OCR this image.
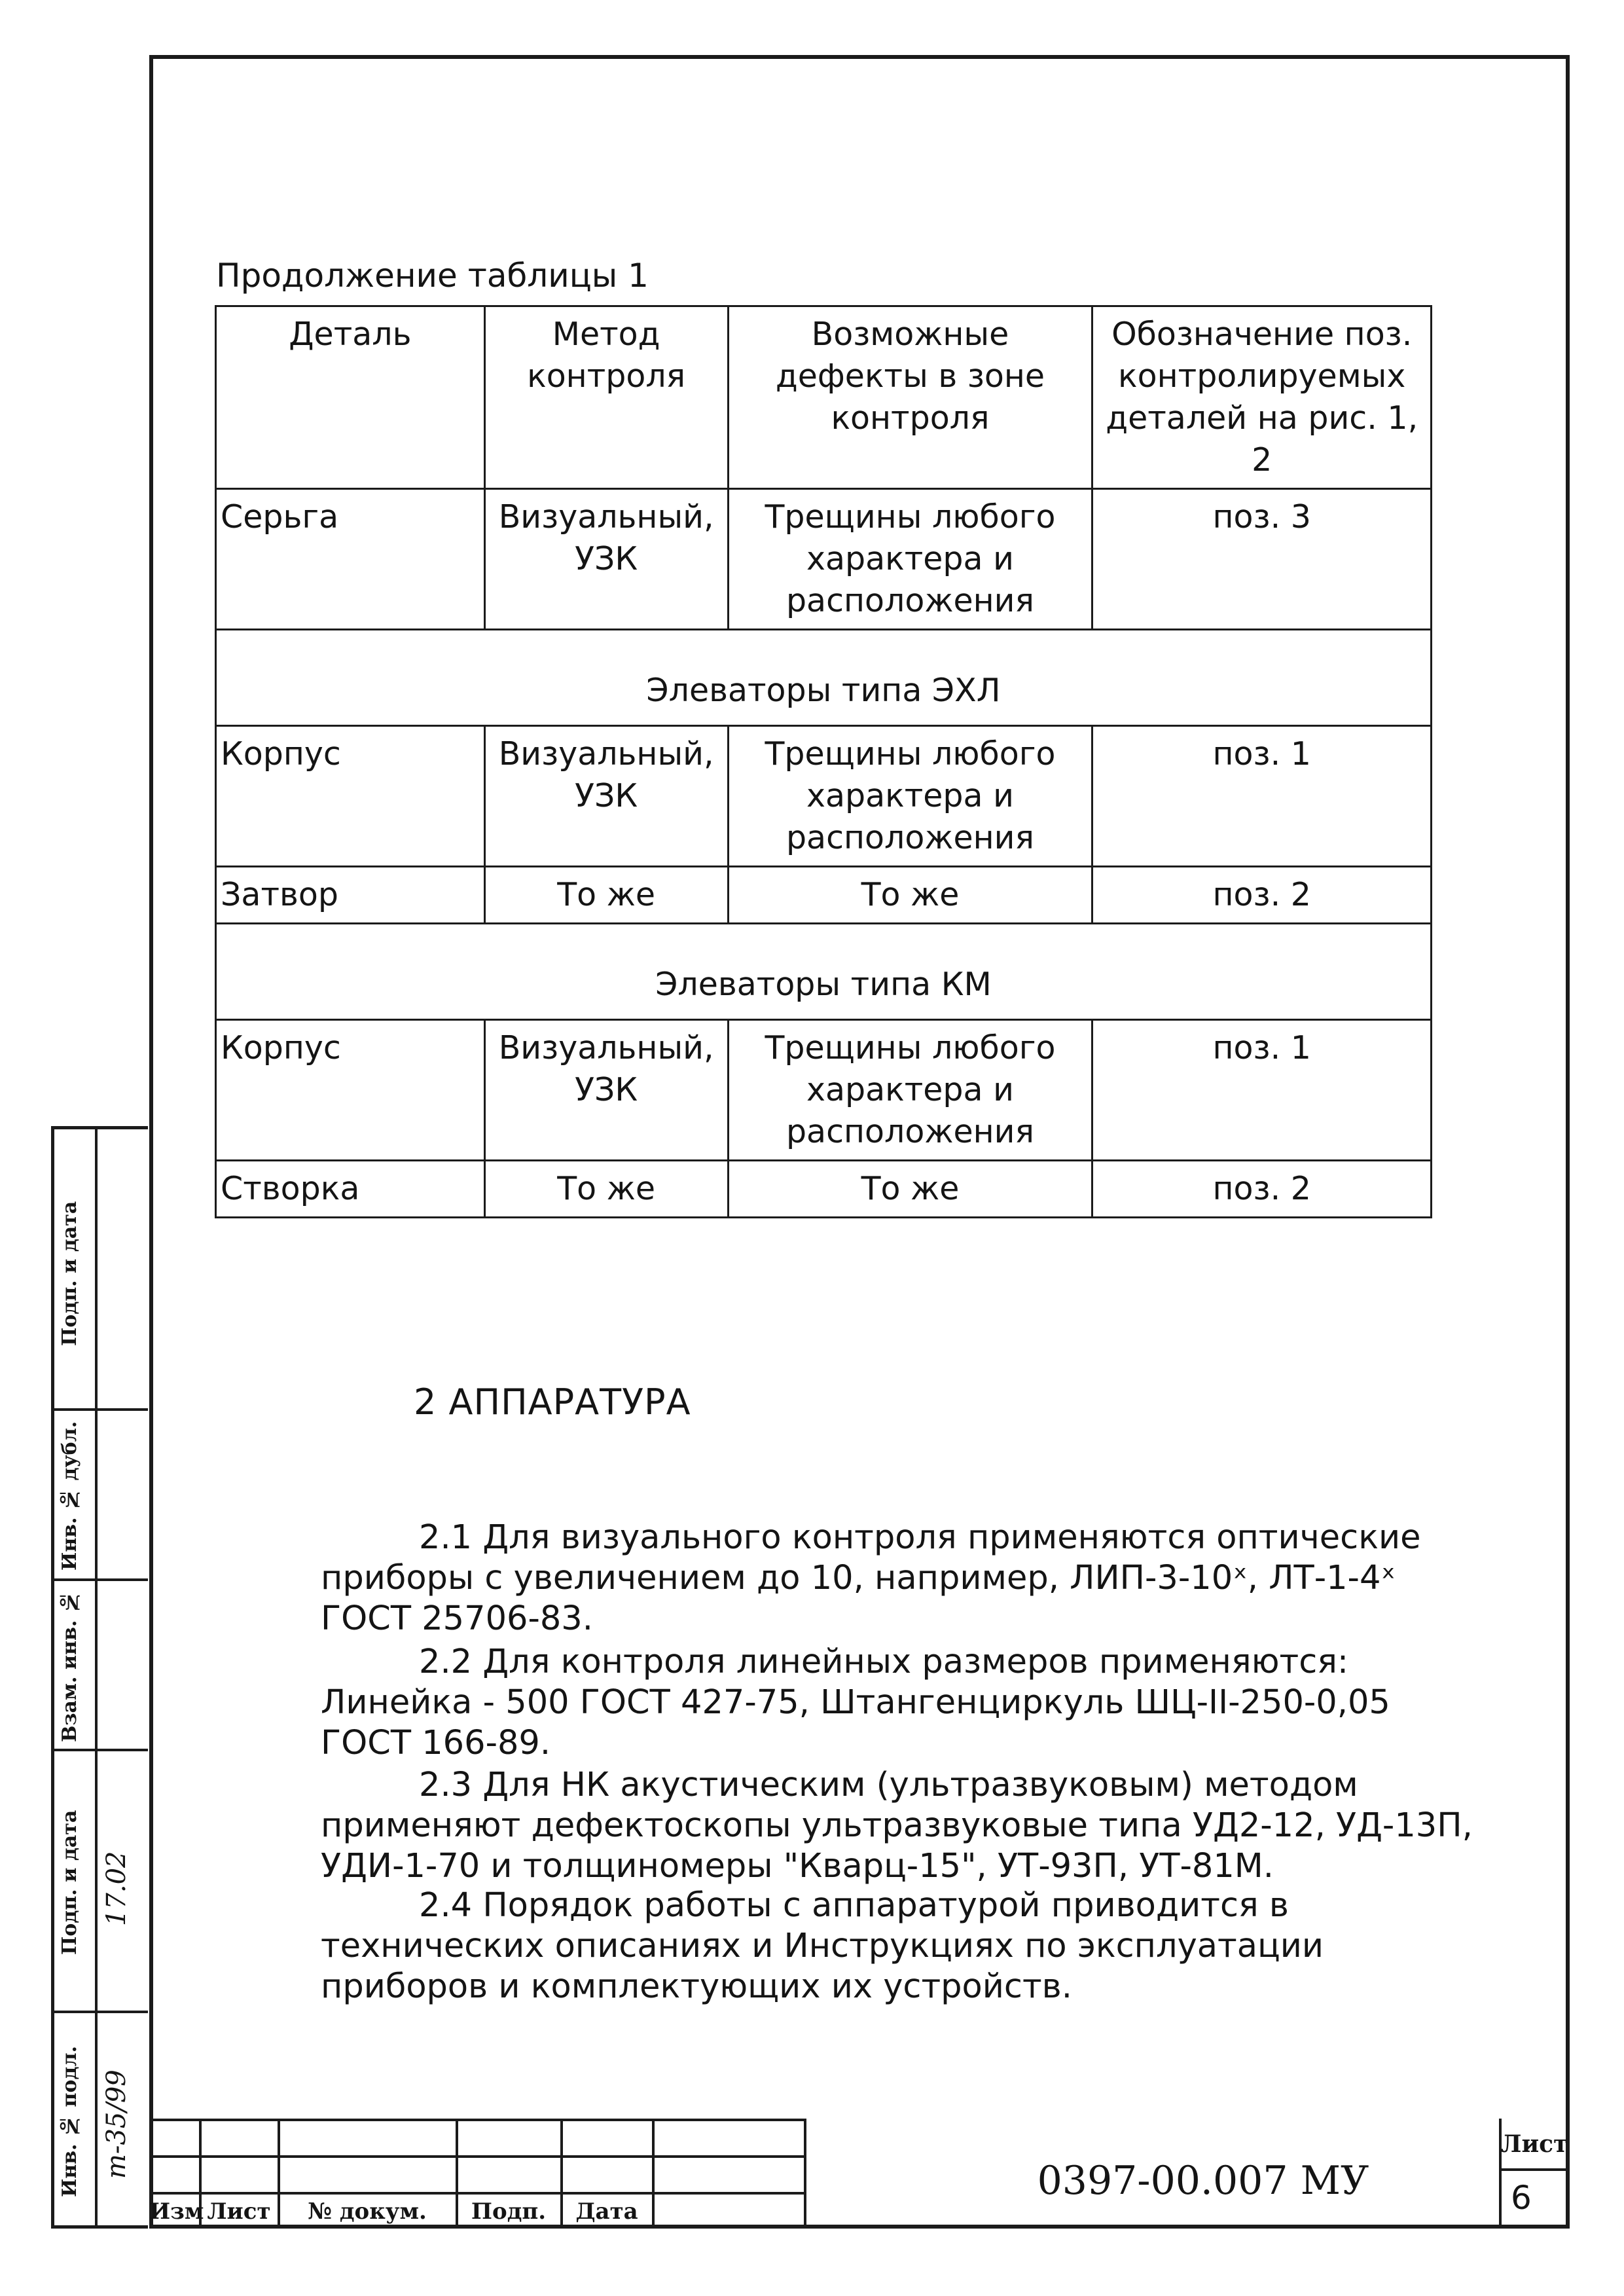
Продолжение таблицы 1
Деталь	Метод контроля	Возможные дефекты в зоне контроля	Обозначение поз. контролируемых деталей на рис. 1, 2
Серьга	Визуальный, УЗК	Трещины любого характера и расположения	поз. 3
Элеваторы типа ЭХЛ			
Корпус	Визуальный, УЗК	Трещины любого характера и расположения	поз. 1
Затвор	То же	То же	поз. 2
Элеваторы типа КМ			
Корпус	Визуальный, УЗК	Трещины любого характера и расположения	поз. 1
Створка	То же	То же	поз. 2
2 АППАРАТУРА
2.1 Для визуального контроля применяются оптические приборы с увеличением до 10, например, ЛИП-3-10ˣ, ЛТ-1-4ˣ ГОСТ 25706-83.
2.2 Для контроля линейных размеров применяются: Линейка - 500 ГОСТ 427-75, Штангенциркуль ШЦ-II-250-0,05 ГОСТ 166-89.
2.3 Для НК акустическим (ультразвуковым) методом применяют дефектоскопы ультразвуковые типа УД2-12, УД-13П, УДИ-1-70 и толщиномеры "Кварц-15", УТ-93П, УТ-81М.
2.4 Порядок работы с аппаратурой приводится в технических описаниях и Инструкциях по эксплуатации приборов и комплектующих их устройств.
Подп. и дата
Инв. № дубл.
Взам. инв. №
Подп. и дата
Инв. № подл.
17.02
т-35/99
Изм Лист	№ докум.	Подп.	Дата
0397-00.007 МУ
Лист
6
